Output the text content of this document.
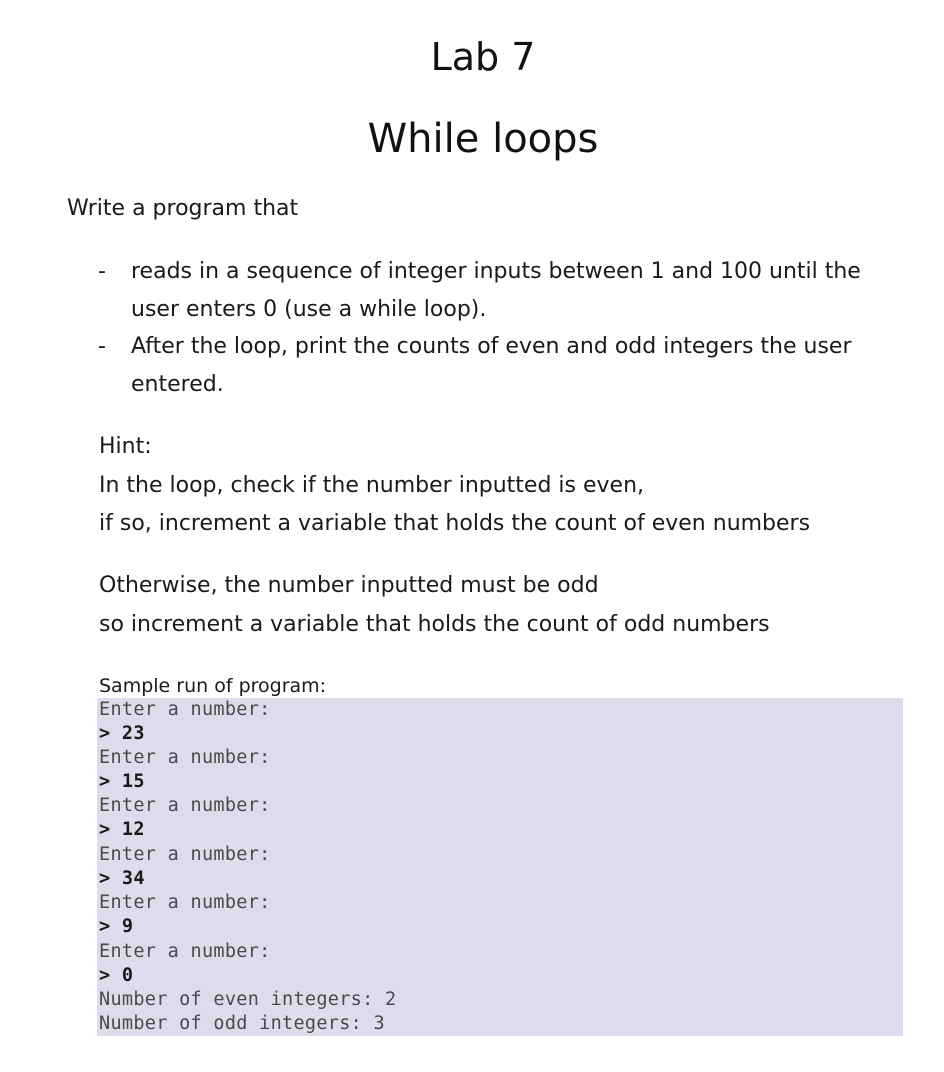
Lab 7
While loops

Write a program that

- reads in a sequence of integer inputs between 1 and 100 until the
user enters 0 (use a while loop).
- After the loop, print the counts of even and odd integers the user
entered.
Hint:
In the loop, check if the number inputted is even,
if so, increment a variable that holds the count of even numbers
Otherwise, the number inputted must be odd
so increment a variable that holds the count of odd numbers
Sample run of program:
Enter a number:
> 23
Enter a number:
> 15
Enter a number:
> 12
Enter a number:
> 34
Enter a number:
> 9
Enter a number:
> 0
Number of even integers: 2
Number of odd integers: 3
